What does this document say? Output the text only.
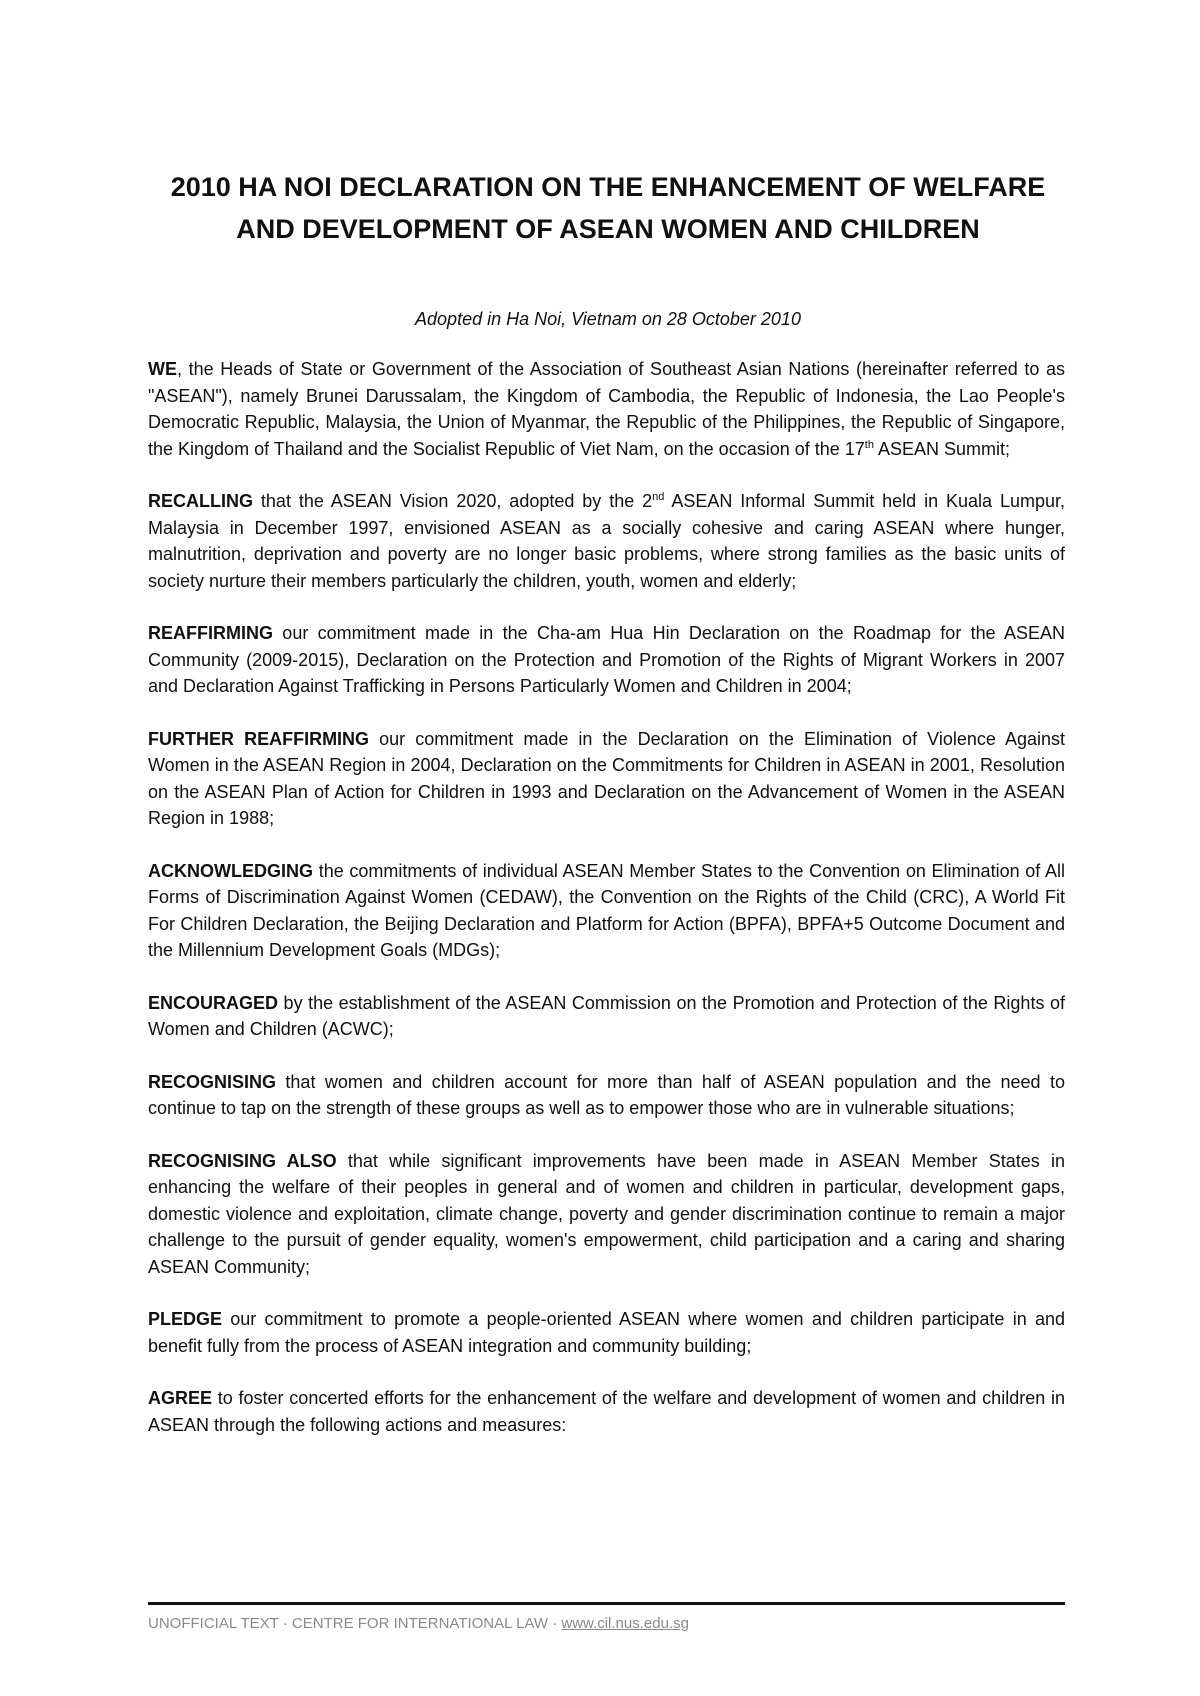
2010 HA NOI DECLARATION ON THE ENHANCEMENT OF WELFARE AND DEVELOPMENT OF ASEAN WOMEN AND CHILDREN

Adopted in Ha Noi, Vietnam on 28 October 2010

WE, the Heads of State or Government of the Association of Southeast Asian Nations (hereinafter referred to as "ASEAN"), namely Brunei Darussalam, the Kingdom of Cambodia, the Republic of Indonesia, the Lao People's Democratic Republic, Malaysia, the Union of Myanmar, the Republic of the Philippines, the Republic of Singapore, the Kingdom of Thailand and the Socialist Republic of Viet Nam, on the occasion of the 17th ASEAN Summit;

RECALLING that the ASEAN Vision 2020, adopted by the 2nd ASEAN Informal Summit held in Kuala Lumpur, Malaysia in December 1997, envisioned ASEAN as a socially cohesive and caring ASEAN where hunger, malnutrition, deprivation and poverty are no longer basic problems, where strong families as the basic units of society nurture their members particularly the children, youth, women and elderly;

REAFFIRMING our commitment made in the Cha-am Hua Hin Declaration on the Roadmap for the ASEAN Community (2009-2015), Declaration on the Protection and Promotion of the Rights of Migrant Workers in 2007 and Declaration Against Trafficking in Persons Particularly Women and Children in 2004;

FURTHER REAFFIRMING our commitment made in the Declaration on the Elimination of Violence Against Women in the ASEAN Region in 2004, Declaration on the Commitments for Children in ASEAN in 2001, Resolution on the ASEAN Plan of Action for Children in 1993 and Declaration on the Advancement of Women in the ASEAN Region in 1988;

ACKNOWLEDGING the commitments of individual ASEAN Member States to the Convention on Elimination of All Forms of Discrimination Against Women (CEDAW), the Convention on the Rights of the Child (CRC), A World Fit For Children Declaration, the Beijing Declaration and Platform for Action (BPFA), BPFA+5 Outcome Document and the Millennium Development Goals (MDGs);

ENCOURAGED by the establishment of the ASEAN Commission on the Promotion and Protection of the Rights of Women and Children (ACWC);

RECOGNISING that women and children account for more than half of ASEAN population and the need to continue to tap on the strength of these groups as well as to empower those who are in vulnerable situations;

RECOGNISING ALSO that while significant improvements have been made in ASEAN Member States in enhancing the welfare of their peoples in general and of women and children in particular, development gaps, domestic violence and exploitation, climate change, poverty and gender discrimination continue to remain a major challenge to the pursuit of gender equality, women's empowerment, child participation and a caring and sharing ASEAN Community;

PLEDGE our commitment to promote a people-oriented ASEAN where women and children participate in and benefit fully from the process of ASEAN integration and community building;

AGREE to foster concerted efforts for the enhancement of the welfare and development of women and children in ASEAN through the following actions and measures:

UNOFFICIAL TEXT · CENTRE FOR INTERNATIONAL LAW · www.cil.nus.edu.sg
